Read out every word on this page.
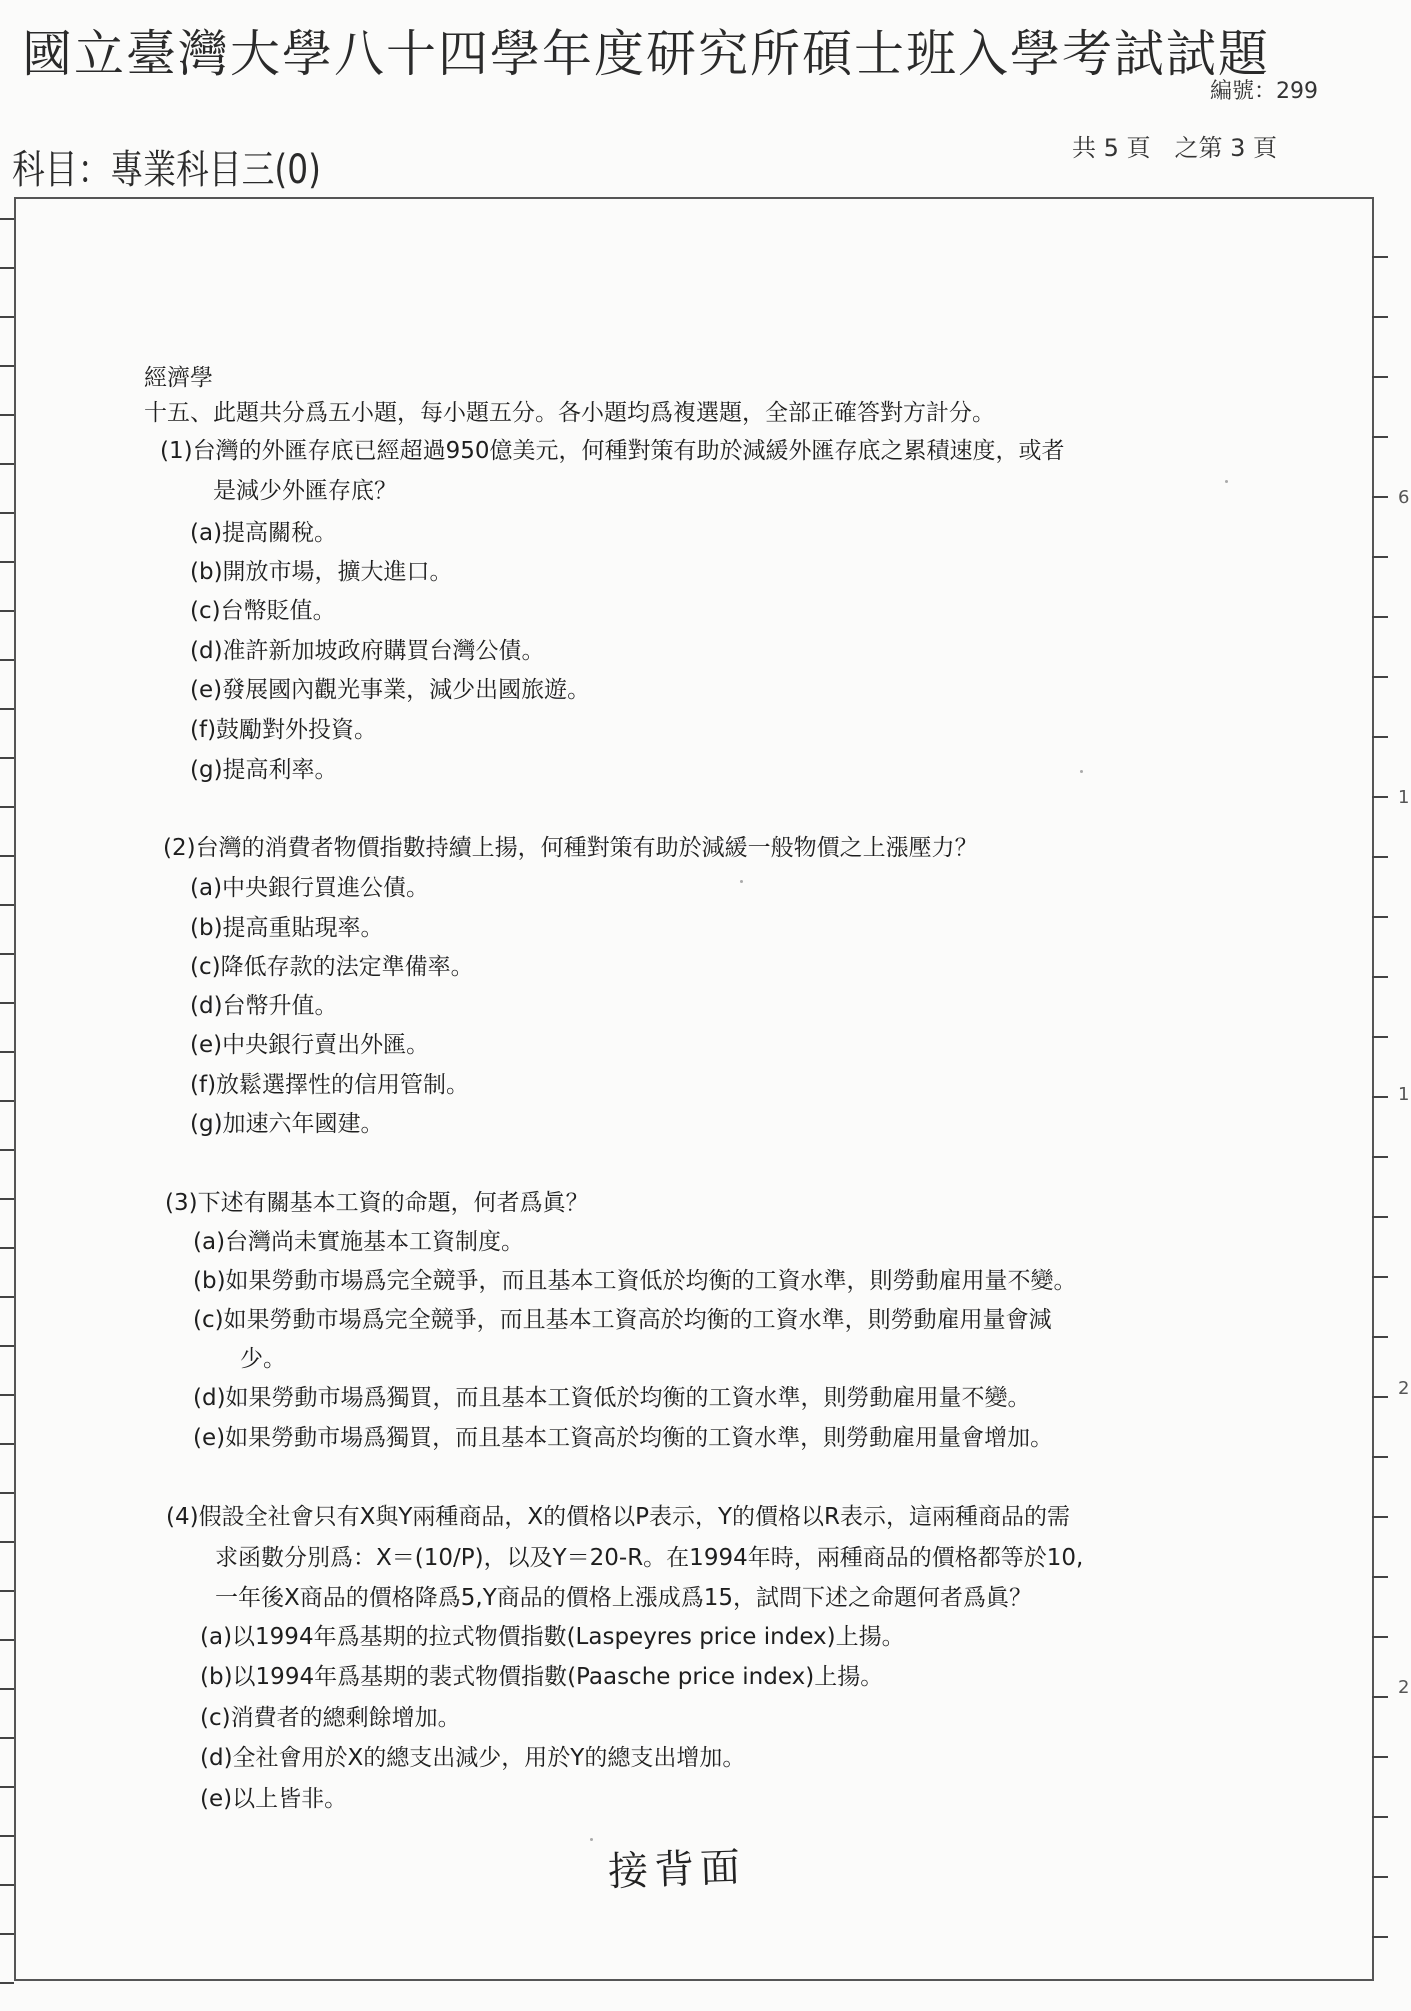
國立臺灣大學八十四學年度研究所碩士班入學考試試題
編號：299
科目：專業科目三(0)	共 5 頁　之第 3 頁
6
1
1
2
2
經濟學
十五、此題共分爲五小題，每小題五分。各小題均爲複選題，全部正確答對方計分。
(1)台灣的外匯存底已經超過950億美元，何種對策有助於減緩外匯存底之累積速度，或者
是減少外匯存底？
(a)提高關稅。
(b)開放市場，擴大進口。
(c)台幣貶值。
(d)准許新加坡政府購買台灣公債。
(e)發展國內觀光事業，減少出國旅遊。
(f)鼓勵對外投資。
(g)提高利率。
(2)台灣的消費者物價指數持續上揚，何種對策有助於減緩一般物價之上漲壓力？
(a)中央銀行買進公債。
(b)提高重貼現率。
(c)降低存款的法定準備率。
(d)台幣升值。
(e)中央銀行賣出外匯。
(f)放鬆選擇性的信用管制。
(g)加速六年國建。
(3)下述有關基本工資的命題，何者爲眞？
(a)台灣尚未實施基本工資制度。
(b)如果勞動市場爲完全競爭，而且基本工資低於均衡的工資水準，則勞動雇用量不變。
(c)如果勞動市場爲完全競爭，而且基本工資高於均衡的工資水準，則勞動雇用量會減
少。
(d)如果勞動市場爲獨買，而且基本工資低於均衡的工資水準，則勞動雇用量不變。
(e)如果勞動市場爲獨買，而且基本工資高於均衡的工資水準，則勞動雇用量會增加。
(4)假設全社會只有X與Y兩種商品，X的價格以P表示，Y的價格以R表示，這兩種商品的需
求函數分別爲：X＝(10/P)，以及Y＝20-R。在1994年時，兩種商品的價格都等於10,
一年後X商品的價格降爲5,Y商品的價格上漲成爲15，試問下述之命題何者爲眞？
(a)以1994年爲基期的拉式物價指數(Laspeyres price index)上揚。
(b)以1994年爲基期的裴式物價指數(Paasche price index)上揚。
(c)消費者的總剩餘增加。
(d)全社會用於X的總支出減少，用於Y的總支出增加。
(e)以上皆非。
接背面
